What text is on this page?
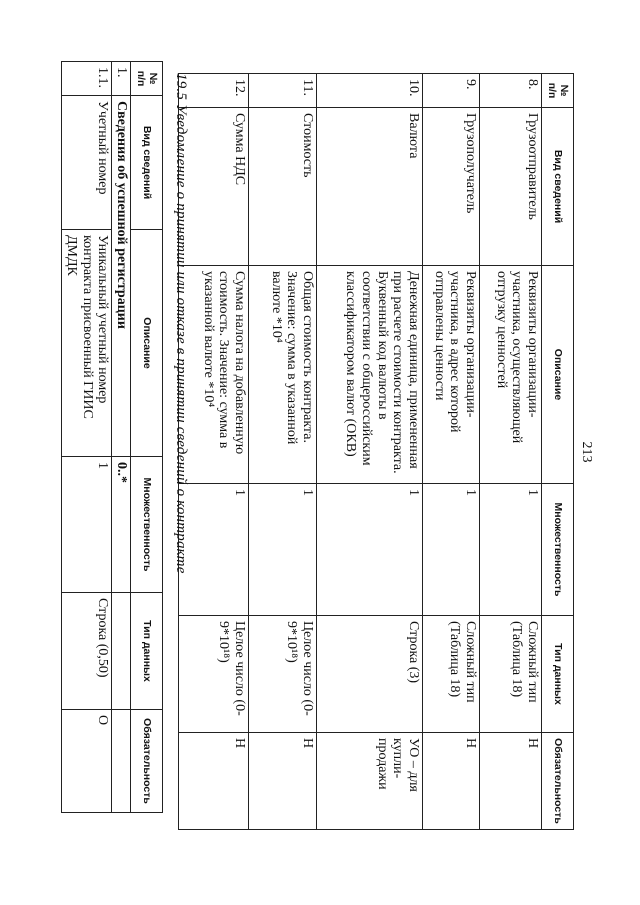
213
№ п/п	Вид сведений	Описание	Множественность	Тип данных	Обязательность
8.	Грузоотправитель	Реквизиты организации-участника, осуществляющей отгрузку ценностей	1	Сложный тип (Таблица 18)	Н
9.	Грузополучатель	Реквизиты организации-участника, в адрес которой отправлены ценности	1	Сложный тип (Таблица 18)	Н
10.	Валюта	Денежная единица, примененная при расчете стоимости контракта. Буквенный код валюты в соответствии с общероссийским классификатором валют (ОКВ)	1	Строка (3)	УО – для купли-продажи
11.	Стоимость	Общая стоимость контракта. Значение: сумма в указанной валюте *10⁴	1	Целое число (0-9*10¹⁸)	Н
12.	Сумма НДС	Сумма налога на добавленную стоимость. Значение: сумма в указанной валюте *10⁴	1	Целое число (0-9*10¹⁸)	Н
19.5 Уведомление о принятии или отказе в принятии сведений о контракте
№ п/п	Вид сведений	Описание	Множественность	Тип данных	Обязательность
1.	Сведения об успешной регистрации		0..*		
1.1.	Учетный номер	Уникальный учетный номер контракта присвоенный ГИИС ДМДК	1	Строка (0,50)	О
